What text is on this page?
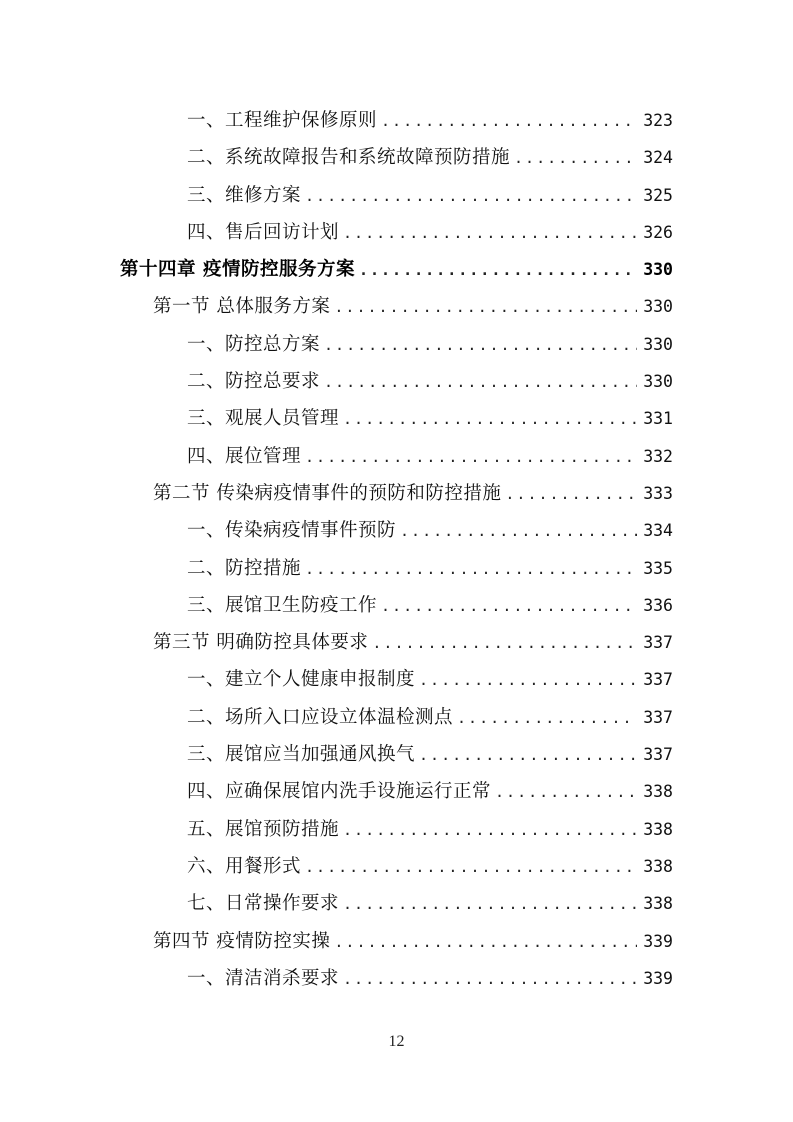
一、工程维护保修原则 .....	323
二、系统故障报告和系统故障预防措施 .....	324
三、维修方案 .....	325
四、售后回访计划 .....	326
第十四章 疫情防控服务方案 .....	330
第一节 总体服务方案 .....	330
一、防控总方案 .....	330
二、防控总要求 .....	330
三、观展人员管理 .....	331
四、展位管理 .....	332
第二节 传染病疫情事件的预防和防控措施 .....	333
一、传染病疫情事件预防 .....	334
二、防控措施 .....	335
三、展馆卫生防疫工作 .....	336
第三节 明确防控具体要求 .....	337
一、建立个人健康申报制度 .....	337
二、场所入口应设立体温检测点 .....	337
三、展馆应当加强通风换气 .....	337
四、应确保展馆内洗手设施运行正常 .....	338
五、展馆预防措施 .....	338
六、用餐形式 .....	338
七、日常操作要求 .....	338
第四节 疫情防控实操 .....	339
一、清洁消杀要求 .....	339
12
